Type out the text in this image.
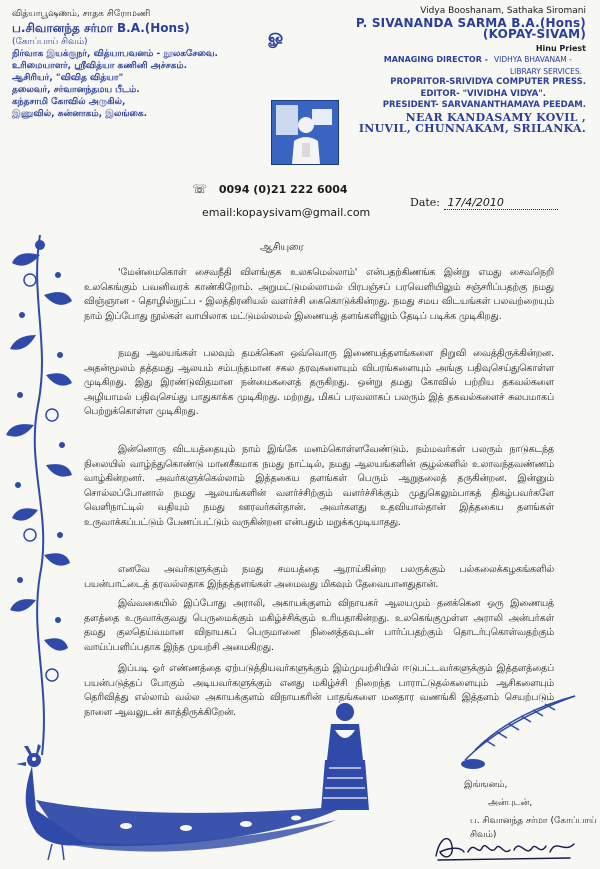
வித்யாபூஷணம், சாதக சிரோமணி
ப.சிவானந்த சர்மா B.A.(Hons)
(கோப்பாய் சிவம்)
நிர்வாக இயக்குநர், வித்யாபவனம் - நூலகசேவை.
உரிமையாளர், ஸ்ரீவித்யா கணினி அச்சகம்.
ஆசிரியர், "விவித வித்யா"
தலைவர், சர்வானந்தமய பீடம்.
கந்தசாமி கோவில் அருகில்,
இணுவில், சுன்னாகம், இலங்கை.
ௐ
Vidya Booshanam, Sathaka Siromani
P. SIVANANDA SARMA B.A.(Hons)
(KOPAY-SIVAM)
Hinu Priest
MANAGING DIRECTOR - VIDHYA BHAVANAM -
LIBRARY SERVICES.
PROPRITOR-SRIVIDYA COMPUTER PRESS.
EDITOR- "VIVIDHA VIDYA".
PRESIDENT- SARVANANTHAMAYA PEEDAM.
NEAR KANDASAMY KOVIL ,
INUVIL, CHUNNAKAM, SRILANKA.
☏ 0094 (0)21 222 6004
email:kopaysivam@gmail.com
Date: 17/4/2010
ஆசியுரை

'மேன்மைகொள் சைவநீதி விளங்குக உலகமெல்லாம்' என்பதற்கிணங்க இன்று எமது சைவநெறி உலகெங்கும் பவனிவரக் காண்கிறோம். அறுமட்டுமல்லாமல் பிரபஞ்சப் பரவெளியிலும் சஞ்சரிப்பதற்கு நமது விஞ்ஞான - தொழில்நுட்ப - இலத்திரனியல் வளர்ச்சி கைகொடுக்கின்றது. நமது சமய விடயங்கள் பலவற்றையும் நாம் இப்போது நூல்கள் வாயிலாக மட்டுமல்லமல் இணையத் தளங்களிலும் தேடிப் படிக்க முடிகிறது.

நமது ஆலயங்கள் பலவும் தமக்கென ஒவ்வொரு இணையத்தளங்களை நிறுவி வைத்திருக்கின்றன. அதன்மூலம் தத்தமது ஆலயம் சம்பந்தமான சகல தரவுகளையும் விபரங்களையும் அங்கு பதிவுசெய்துகொள்ள முடிகிறது. இது இரண்டுவிதமான நன்மைகளைத் தருகிறது. ஒன்று தமது கோவில் பற்றிய தகவல்களை அழியாமல் பதிவுசெய்து பாதுகாக்க முடிகிறது. மற்றது, மிகப் பரவலாகப் பலரும் இத் தகவல்களைச் சுலபமாகப் பெற்றுக்கொள்ள முடிகிறது.

இன்னொரு விடயத்தையும் நாம் இங்கே மனம்கொள்ளவேண்டும். நம்மவர்கள் பலரும் நாடுகடந்த நிலையில் வாழ்ந்துகொண்டு மானசீகமாக நமது நாட்டில், நமது ஆலயங்களின் சூழல்களில் உலாவந்தவண்ணம் வாழ்கின்றனர். அவர்களுக்கெல்லாம் இத்தகைய தளங்கள் பெரும் ஆறுதலைத் தருகின்றன. இன்னும் சொல்லப்போனால் நமது ஆலயங்களின் வளர்ச்சிற்கும் வளர்ச்சிக்கும் முதுகெலும்பாகத் திகழ்பவர்களே வெளிநாட்டில் வதியும் நமது ஊரவர்கள்தான். அவர்களது உதவியால்தான் இத்தகைய தளங்கள் உருவாக்கப்பட்டும் பேணப்பட்டும் வருகின்றன என்பதும் மறுக்கமுடியாதது.

எனவே அவர்களுக்கும் நமது சமயத்தை ஆராய்கின்ற பலருக்கும் பல்கலைக்கழகங்களில் பயன்பாட்டைத் தரவல்லதாக இந்தத்தளங்கள் அமைவது மிகவும் தேவையானதுதான்.

இவ்வகையில் இப்போது அராலி, அகாயக்குளம் விநாயகர் ஆலயமும் தனக்கென ஒரு இணையத் தளத்தை உருவாக்குவது பெருமைக்கும் மகிழ்ச்சிக்கும் உரியதாகின்றது. உலகெங்குமுள்ள அராலி அன்பர்கள் தமது குலதெய்வமான விநாயகப் பெருமானை நினைத்தவுடன் பார்ப்பதற்கும் தொடர்புகொள்வதற்கும் வாய்ப்பளிப்பதாக இந்த முயற்சி அமைகிறது.

இப்படி ஓர் எண்ணத்தை ஏற்படுத்தியவர்களுக்கும் இம்முயற்சியில் ஈடுபட்டவர்களுக்கும் இத்தளத்தைப் பயன்படுத்தப் போகும் அடியவர்களுக்கும் எனது மகிழ்ச்சி நிறைந்த பாராட்டுதல்களையும் ஆசிகளையும் தெரிவித்து எல்லாம் வல்ல அகாயக்குளம் விநாயகரின் பாதங்களை மனதார வணங்கி இத்தளம் செயற்படும் நாளை ஆவலுடன் காத்திருக்கிறேன்.

இங்ஙனம்,
அன்புடன்,
ப. சிவானந்த சர்மா (கோப்பாய் சிவம்)
